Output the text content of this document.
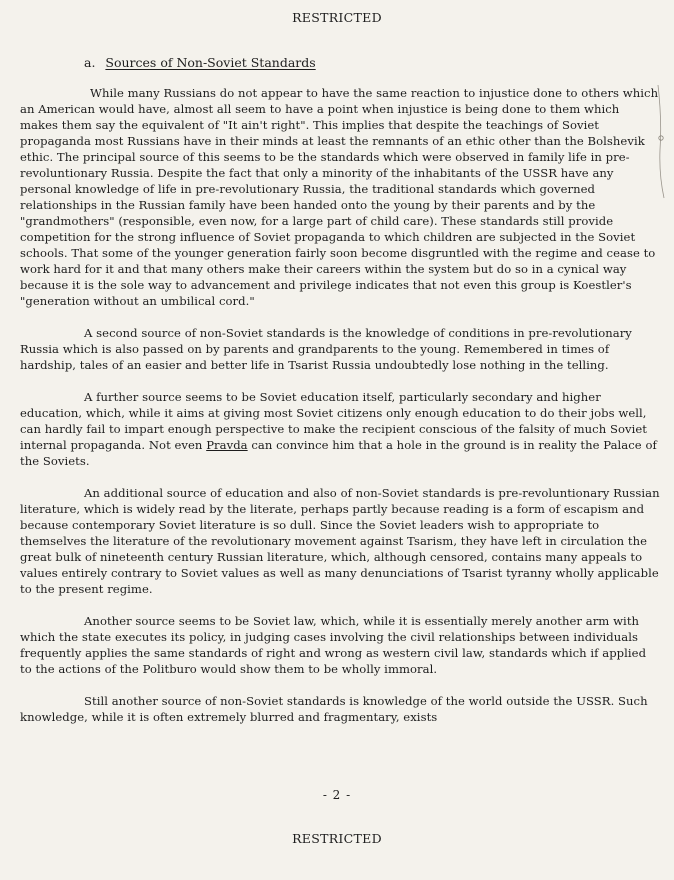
RESTRICTED
a. Sources of Non-Soviet Standards

While many Russians do not appear to have the same reaction to injustice done to others which an American would have, almost all seem to have a point when injustice is being done to them which makes them say the equivalent of "It ain't right". This implies that despite the teachings of Soviet propaganda most Russians have in their minds at least the remnants of an ethic other than the Bolshevik ethic. The principal source of this seems to be the standards which were observed in family life in pre-revoluntionary Russia. Despite the fact that only a minority of the inhabitants of the USSR have any personal knowledge of life in pre-revolutionary Russia, the traditional standards which governed relationships in the Russian family have been handed onto the young by their parents and by the "grandmothers" (responsible, even now, for a large part of child care). These standards still provide competition for the strong influence of Soviet propaganda to which children are subjected in the Soviet schools. That some of the younger generation fairly soon become disgruntled with the regime and cease to work hard for it and that many others make their careers within the system but do so in a cynical way because it is the sole way to advancement and privilege indicates that not even this group is Koestler's "generation without an umbilical cord."

A second source of non-Soviet standards is the knowledge of conditions in pre-revolutionary Russia which is also passed on by parents and grandparents to the young. Remembered in times of hardship, tales of an easier and better life in Tsarist Russia undoubtedly lose nothing in the telling.

A further source seems to be Soviet education itself, particularly secondary and higher education, which, while it aims at giving most Soviet citizens only enough education to do their jobs well, can hardly fail to impart enough perspective to make the recipient conscious of the falsity of much Soviet internal propaganda. Not even Pravda can convince him that a hole in the ground is in reality the Palace of the Soviets.

An additional source of education and also of non-Soviet standards is pre-revoluntionary Russian literature, which is widely read by the literate, perhaps partly because reading is a form of escapism and because contemporary Soviet literature is so dull. Since the Soviet leaders wish to appropriate to themselves the literature of the revolutionary movement against Tsarism, they have left in circulation the great bulk of nineteenth century Russian literature, which, although censored, contains many appeals to values entirely contrary to Soviet values as well as many denunciations of Tsarist tyranny wholly applicable to the present regime.

Another source seems to be Soviet law, which, while it is essentially merely another arm with which the state executes its policy, in judging cases involving the civil relationships between individuals frequently applies the same standards of right and wrong as western civil law, standards which if applied to the actions of the Politburo would show them to be wholly immoral.

Still another source of non-Soviet standards is knowledge of the world outside the USSR. Such knowledge, while it is often extremely blurred and fragmentary, exists

- 2 -
RESTRICTED
